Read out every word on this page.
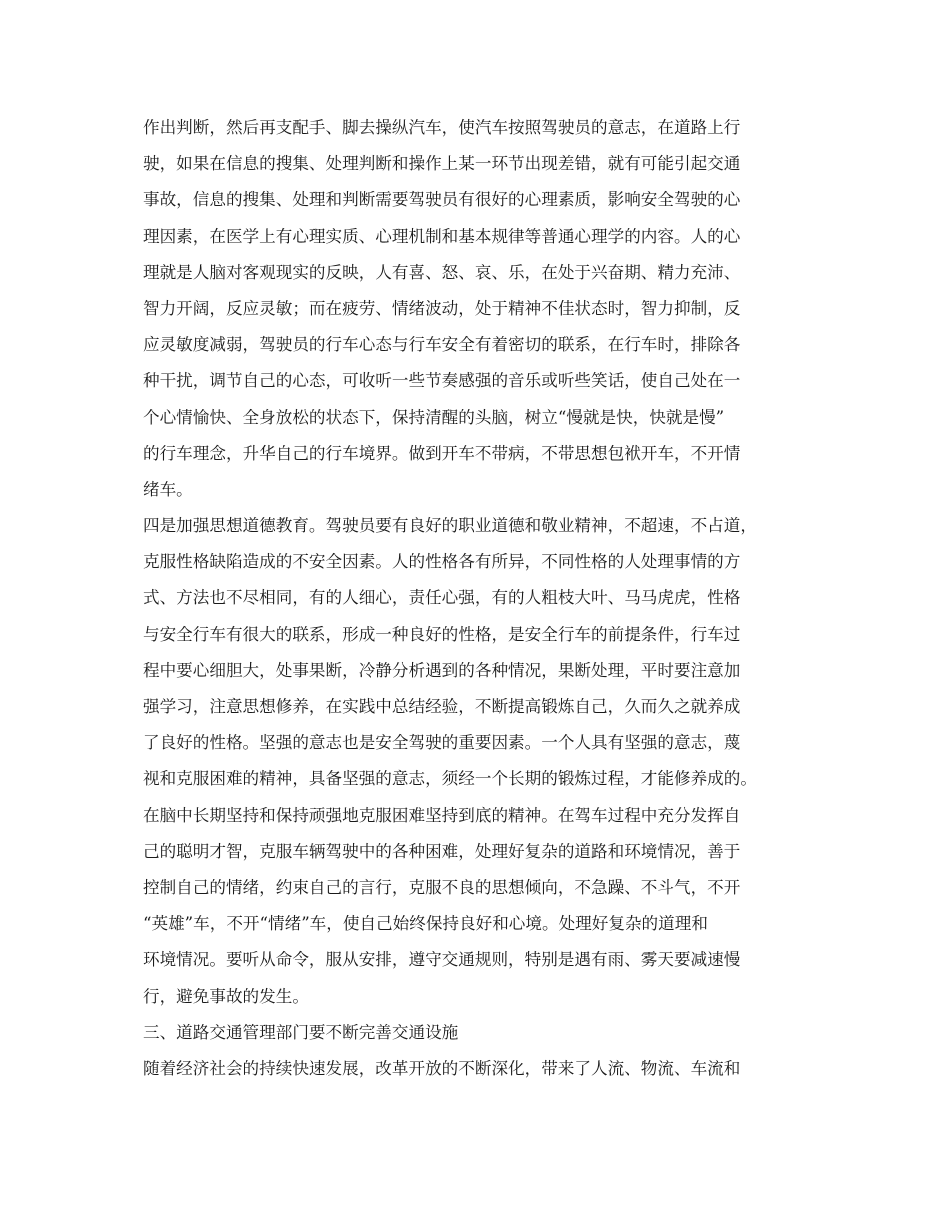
作出判断，然后再支配手、脚去操纵汽车，使汽车按照驾驶员的意志，在道路上行
驶，如果在信息的搜集、处理判断和操作上某一环节出现差错，就有可能引起交通
事故，信息的搜集、处理和判断需要驾驶员有很好的心理素质，影响安全驾驶的心
理因素，在医学上有心理实质、心理机制和基本规律等普通心理学的内容。人的心
理就是人脑对客观现实的反映，人有喜、怒、哀、乐，在处于兴奋期、精力充沛、
智力开阔，反应灵敏；而在疲劳、情绪波动，处于精神不佳状态时，智力抑制，反
应灵敏度减弱，驾驶员的行车心态与行车安全有着密切的联系，在行车时，排除各
种干扰，调节自己的心态，可收听一些节奏感强的音乐或听些笑话，使自己处在一
个心情愉快、全身放松的状态下，保持清醒的头脑，树立“慢就是快，快就是慢”
的行车理念，升华自己的行车境界。做到开车不带病，不带思想包袱开车，不开情
绪车。
四是加强思想道德教育。驾驶员要有良好的职业道德和敬业精神，不超速，不占道，
克服性格缺陷造成的不安全因素。人的性格各有所异，不同性格的人处理事情的方
式、方法也不尽相同，有的人细心，责任心强，有的人粗枝大叶、马马虎虎，性格
与安全行车有很大的联系，形成一种良好的性格，是安全行车的前提条件，行车过
程中要心细胆大，处事果断，冷静分析遇到的各种情况，果断处理，平时要注意加
强学习，注意思想修养，在实践中总结经验，不断提高锻炼自己，久而久之就养成
了良好的性格。坚强的意志也是安全驾驶的重要因素。一个人具有坚强的意志，蔑
视和克服困难的精神，具备坚强的意志，须经一个长期的锻炼过程，才能修养成的。
在脑中长期坚持和保持顽强地克服困难坚持到底的精神。在驾车过程中充分发挥自
己的聪明才智，克服车辆驾驶中的各种困难，处理好复杂的道路和环境情况，善于
控制自己的情绪，约束自己的言行，克服不良的思想倾向，不急躁、不斗气，不开
“英雄”车，不开“情绪”车，使自己始终保持良好和心境。处理好复杂的道理和
环境情况。要听从命令，服从安排，遵守交通规则，特别是遇有雨、雾天要减速慢
行，避免事故的发生。
三、道路交通管理部门要不断完善交通设施
随着经济社会的持续快速发展，改革开放的不断深化，带来了人流、物流、车流和
